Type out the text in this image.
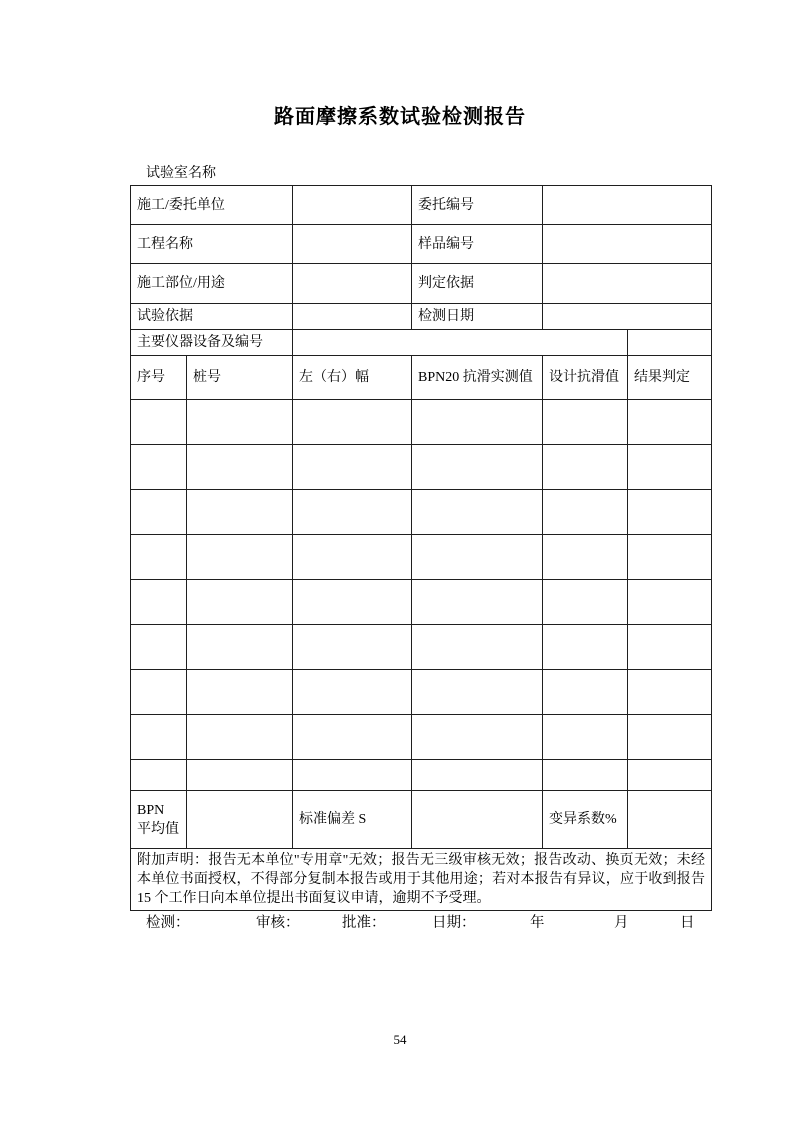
路面摩擦系数试验检测报告
试验室名称
施工/委托单位			委托编号		
工程名称			样品编号		
施工部位/用途			判定依据		
试验依据			检测日期		
主要仪器设备及编号					
序号	桩号	左（右）幅	BPN20 抗滑实测值	设计抗滑值	结果判定

BPN 平均值		标准偏差 S		变异系数%	
附加声明：报告无本单位"专用章"无效；报告无三级审核无效；报告改动、换页无效；未经本单位书面授权，不得部分复制本报告或用于其他用途；若对本报告有异议，应于收到报告 15 个工作日向本单位提出书面复议申请，逾期不予受理。					
检测：	审核：	批准：	日期：	年	月	日
54
